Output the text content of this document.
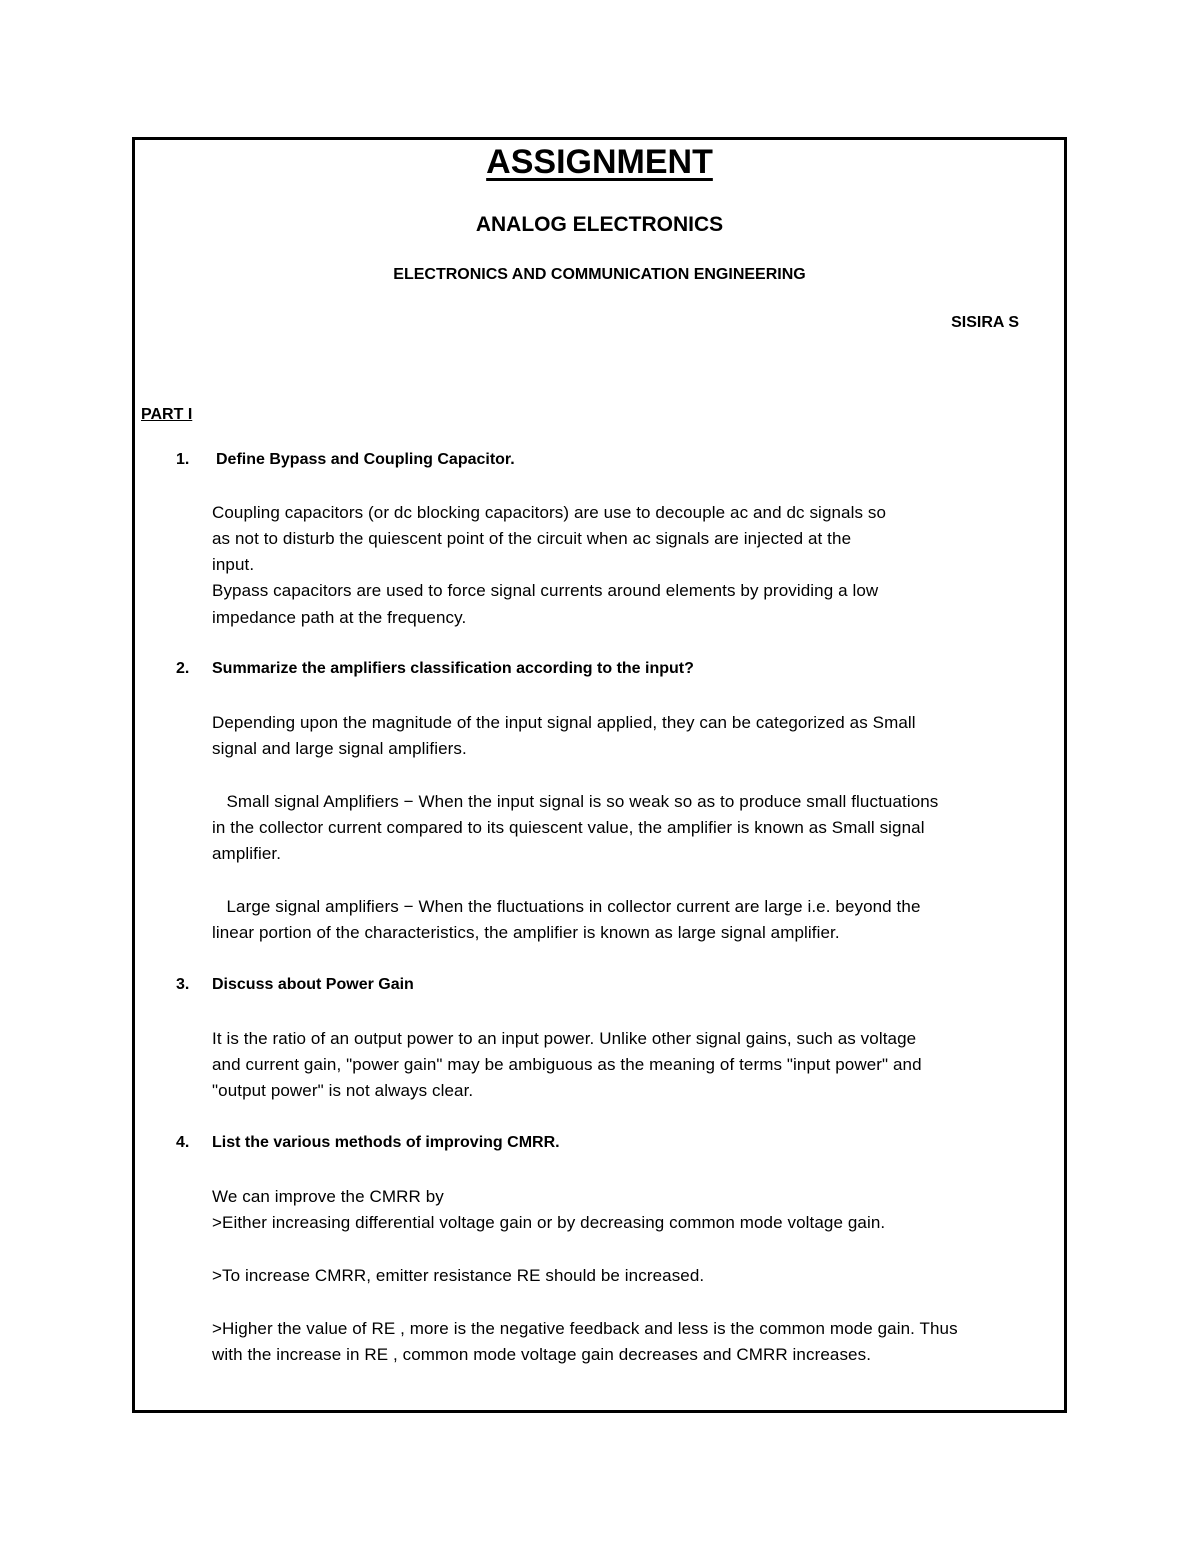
ASSIGNMENT
ANALOG ELECTRONICS
ELECTRONICS AND COMMUNICATION ENGINEERING
SISIRA S
PART I
1. Define Bypass and Coupling Capacitor.
Coupling capacitors (or dc blocking capacitors) are use to decouple ac and dc signals so
as not to disturb the quiescent point of the circuit when ac signals are injected at the
input.
Bypass capacitors are used to force signal currents around elements by providing a low
impedance path at the frequency.
2. Summarize the amplifiers classification according to the input?
Depending upon the magnitude of the input signal applied, they can be categorized as Small
signal and large signal amplifiers.
Small signal Amplifiers − When the input signal is so weak so as to produce small fluctuations
in the collector current compared to its quiescent value, the amplifier is known as Small signal
amplifier.
Large signal amplifiers − When the fluctuations in collector current are large i.e. beyond the
linear portion of the characteristics, the amplifier is known as large signal amplifier.
3. Discuss about Power Gain
It is the ratio of an output power to an input power. Unlike other signal gains, such as voltage
and current gain, "power gain" may be ambiguous as the meaning of terms "input power" and
"output power" is not always clear.
4. List the various methods of improving CMRR.
We can improve the CMRR by
>Either increasing differential voltage gain or by decreasing common mode voltage gain.
>To increase CMRR, emitter resistance RE should be increased.
>Higher the value of RE , more is the negative feedback and less is the common mode gain. Thus
with the increase in RE , common mode voltage gain decreases and CMRR increases.
